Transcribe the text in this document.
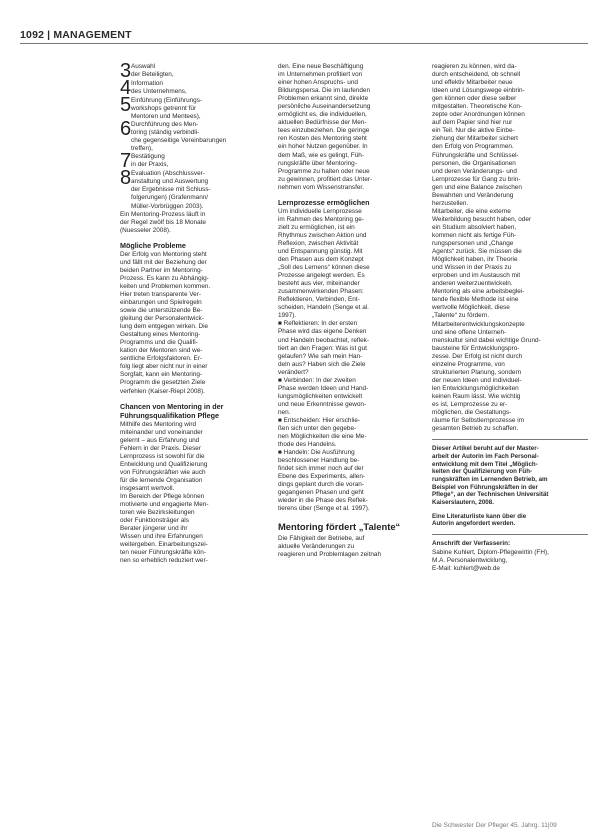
1092 | MANAGEMENT
3 Auswahl
der Beteiligten,
4 Information
des Unternehmens,
5 Einführung (Einführungs-
workshops getrennt für
Mentoren und Mentees),
6 Durchführung des Men-
toring (ständig verbindli-
che gegenseitige Vereinbarungen
treffen),
7 Bestätigung
in der Praxis,
8 Evaluation (Abschlussver-
anstaltung und Auswertung
der Ergebnisse mit Schluss-
folgerungen) (Grafenmann/
Müller-Vorbrüggen 2003).
Ein Mentoring-Prozess läuft in
der Regel zwölf bis 18 Monate
(Nuesseler 2008).
Mögliche Probleme
Der Erfolg von Mentoring steht
und fällt mit der Beziehung der
beiden Partner im Mentoring-
Prozess. Es kann zu Abhängig-
keiten und Problemen kommen.
Hier treten transparente Ver-
einbarungen und Spielregeln
sowie die unterstützende Be-
gleitung der Personalentwick-
lung dem entgegen wirken. Die
Gestaltung eines Mentoring-
Programms und die Qualifi-
kation der Mentoren sind we-
sentliche Erfolgsfaktoren. Er-
folg liegt aber nicht nur in einer
Sorgfalt, kann ein Mentoring-
Programm die gesetzten Ziele
verfehlen (Kaiser-Riepl 2008).
Chancen von Mentoring in der
Führungsqualifikation Pflege
Mithilfe des Mentoring wird
miteinander und voneinander
gelernt – aus Erfahrung und
Fehlern in der Praxis. Dieser
Lernprozess ist sowohl für die
Entwicklung und Qualifizierung
von Führungskräften wie auch
für die lernende Organisation
insgesamt wertvoll.
Im Bereich der Pflege können
motivierte und engagierte Men-
toren wie Bezirksleitungen
oder Funktionsträger als
Berater jüngerer und ihr
Wissen und ihre Erfahrungen
weitergeben. Einarbeitungszei-
ten neuer Führungskräfte kön-
nen so erheblich reduziert wer-
den. Eine neue Beschäftigung
im Unternehmen profitiert von
einer hohen Anspruchs- und
Bildungspersa. Die im laufenden
Problemen erkannt sind, direkte
persönliche Auseinandersetzung
ermöglicht es, die individuellen,
aktuellen Bedürfnisse der Men-
tees einzubeziehen. Die geringe
ren Kosten des Mentoring steht
ein hoher Nutzen gegenüber. In
dem Maß, wie es gelingt, Füh-
rungskräfte über Mentoring-
Programme zu halten oder neue
zu gewinnen, profitiert das Unter-
nehmen vom Wissenstransfer.
Lernprozesse ermöglichen
Um individuelle Lernprozesse
im Rahmen des Mentoring ge-
zielt zu ermöglichen, ist ein
Rhythmus zwischen Aktion und
Reflexion, zwischen Aktivität
und Entspannung günstig. Mit
den Phasen aus dem Konzept
„Soll des Lernens“ können diese
Prozesse angelegt werden. Es
besteht aus vier, miteinander
zusammenwirkenden Phasen:
Reflektieren, Verbinden, Ent-
scheiden, Handeln (Senge et al.
1997).
■ Reflektieren: In der ersten
Phase wird das eigene Denken
und Handeln beobachtet, reflek-
tiert an den Fragen: Was ist gut
gelaufen? Wie sah mein Han-
deln aus? Haben sich die Ziele
verändert?
■ Verbinden: In der zweiten
Phase werden Ideen und Hand-
lungsmöglichkeiten entwickelt
und neue Erkenntnisse gewon-
nen.
■ Entscheiden: Hier erschlie-
ßen sich unter den gegebe-
nen Möglichkeiten die eine Me-
thode des Handelns.
■ Handeln: Die Ausführung
beschlossener Handlung be-
findet sich immer noch auf der
Ebene des Experiments, allen-
dings geplant durch die voran-
gegangenen Phasen und geht
wieder in die Phase des Reflek-
tierens über (Senge et al. 1997).
Mentoring fördert „Talente“
Die Fähigkeit der Betriebe, auf
aktuelle Veränderungen zu
reagieren und Problemlagen zeitnah
reagieren zu können, wird da-
durch entscheidend, ob schnell
und effektiv Mitarbeiter neue
Ideen und Lösungswege einbrin-
gen können oder diese selber
mitgestalten. Theoretische Kon-
zepte oder Anordnungen können
auf dem Papier sind hier nur
ein Teil. Nur die aktive Einbe-
ziehung der Mitarbeiter sichert
den Erfolg von Programmen.
Führungskräfte und Schlüssel-
personen, die Organisationen
und deren Veränderungs- und
Lernprozesse für Gang zu brin-
gen und eine Balance zwischen
Bewahrten und Veränderung
herzustellen.
Mitarbeiter, die eine externe
Weiterbildung besucht haben, oder
ein Studium absolviert haben,
kommen nicht als fertige Füh-
rungspersonen und „Change
Agents“ zurück. Sie müssen die
Möglichkeit haben, ihr Theorie
und Wissen in der Praxis zu
erproben und im Austausch mit
anderen weiterzuentwickeln.
Mentoring als eine arbeitsbeglei-
tende flexible Methode ist eine
wertvolle Möglichkeit, diese
„Talente“ zu fördern.
Mitarbeiterentwicklungskonzepte
und eine offene Unterneh-
menskultur sind dabei wichtige Grund-
bausteine für Entwicklungspro-
zesse. Der Erfolg ist nicht durch
einzelne Programme, von
strukturierten Planung, sondern
der neuen Ideen und individuel-
len Entwicklungsmöglichkeiten
keinen Raum lässt. Wie wichtig
es ist, Lernprozesse zu er-
möglichen, die Gestaltungs-
räume für Selbstlernprozesse im
gesamten Betrieb zu schaffen.
Dieser Artikel beruht auf der Master-
arbeit der Autorin im Fach Personal-
entwicklung mit dem Titel „Möglich-
keiten der Qualifizierung von Füh-
rungskräften im Lernenden Betrieb, am
Beispiel von Führungskräften in der
Pflege“, an der Technischen Universität
Kaiserslautern, 2008.
Eine Literaturliste kann über die
Autorin angefordert werden.
Anschrift der Verfasserin:
Sabine Kuhlert, Diplom-Pflegewirtin (FH),
M.A. Personalentwicklung,
E-Mail: kuhlert@web.de
Die Schwester Der Pfleger 45. Jahrg. 11|09
